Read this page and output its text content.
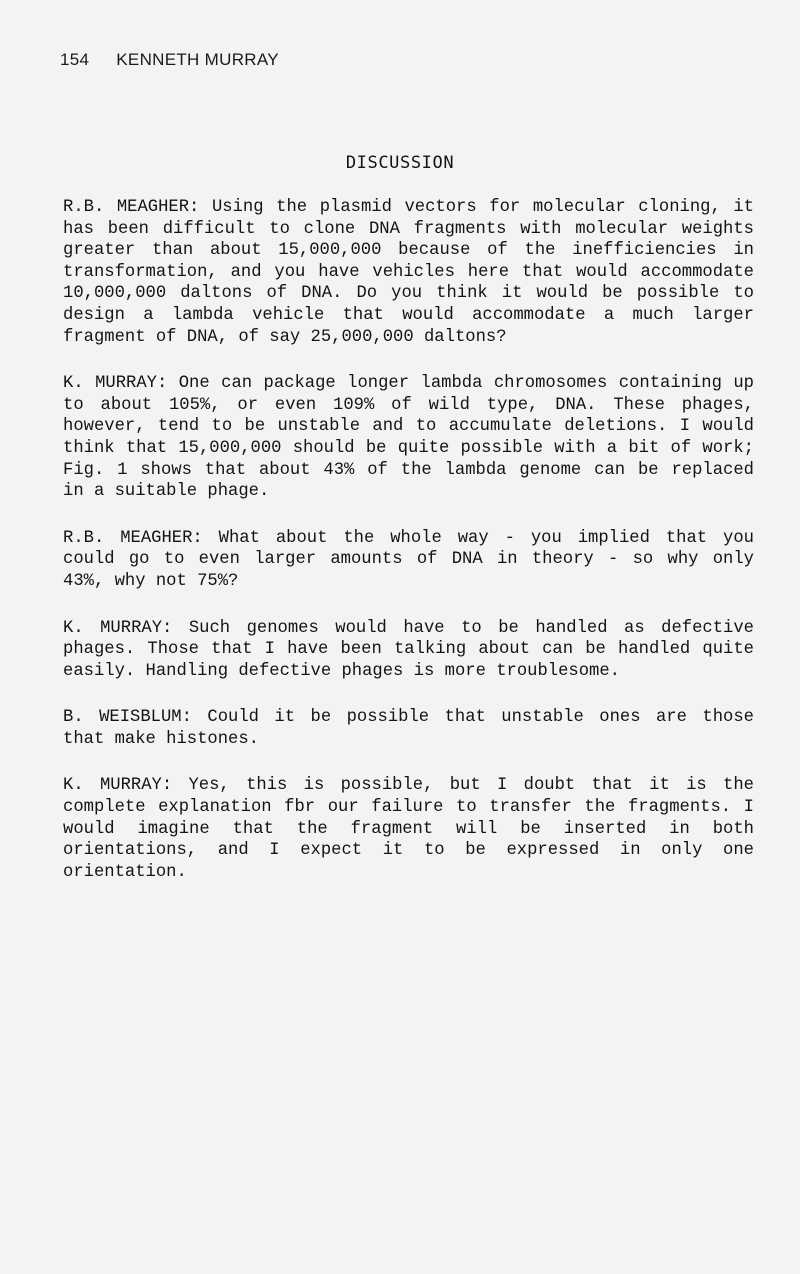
154 KENNETH MURRAY
DISCUSSION

R.B. MEAGHER: Using the plasmid vectors for molecular cloning, it has been difficult to clone DNA fragments with molecular weights greater than about 15,000,000 because of the inefficiencies in transformation, and you have vehicles here that would accommodate 10,000,000 daltons of DNA. Do you think it would be possible to design a lambda vehicle that would accommodate a much larger fragment of DNA, of say 25,000,000 daltons?

K. MURRAY: One can package longer lambda chromosomes containing up to about 105%, or even 109% of wild type, DNA. These phages, however, tend to be unstable and to accumulate deletions. I would think that 15,000,000 should be quite possible with a bit of work; Fig. 1 shows that about 43% of the lambda genome can be replaced in a suitable phage.

R.B. MEAGHER: What about the whole way - you implied that you could go to even larger amounts of DNA in theory - so why only 43%, why not 75%?

K. MURRAY: Such genomes would have to be handled as defective phages. Those that I have been talking about can be handled quite easily. Handling defective phages is more troublesome.

B. WEISBLUM: Could it be possible that unstable ones are those that make histones.

K. MURRAY: Yes, this is possible, but I doubt that it is the complete explanation fbr our failure to transfer the fragments. I would imagine that the fragment will be inserted in both orientations, and I expect it to be expressed in only one orientation.
